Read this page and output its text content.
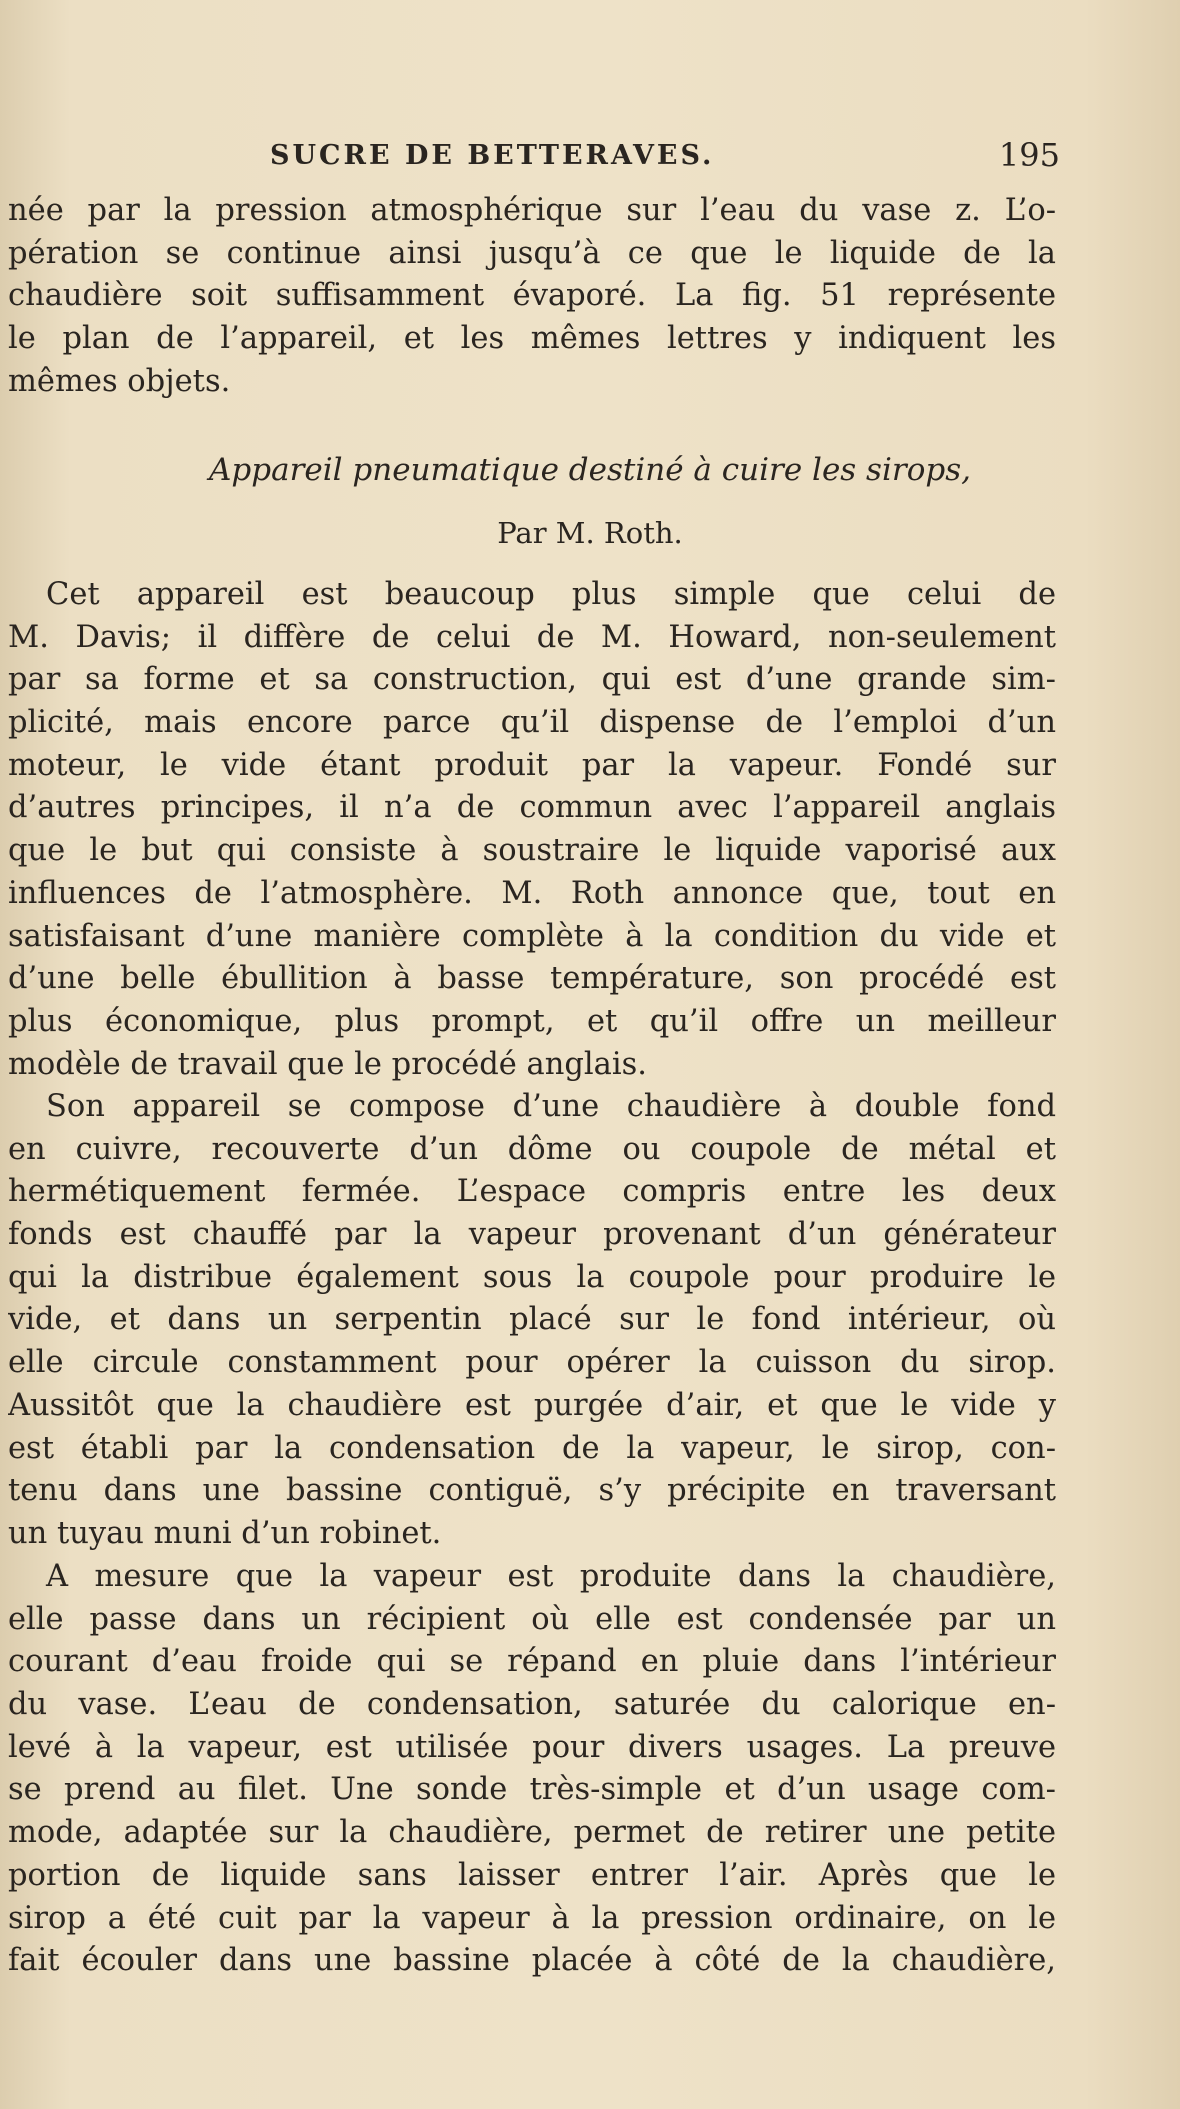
SUCRE DE BETTERAVES.	195
née par la pression atmosphérique sur l’eau du vase z. L’o-
pération se continue ainsi jusqu’à ce que le liquide de la
chaudière soit suffisamment évaporé. La fig. 51 représente
le plan de l’appareil, et les mêmes lettres y indiquent les
mêmes objets.
Appareil pneumatique destiné à cuire les sirops,
Par M. Roth.
Cet appareil est beaucoup plus simple que celui de
M. Davis; il diffère de celui de M. Howard, non-seulement
par sa forme et sa construction, qui est d’une grande sim-
plicité, mais encore parce qu’il dispense de l’emploi d’un
moteur, le vide étant produit par la vapeur. Fondé sur
d’autres principes, il n’a de commun avec l’appareil anglais
que le but qui consiste à soustraire le liquide vaporisé aux
influences de l’atmosphère. M. Roth annonce que, tout en
satisfaisant d’une manière complète à la condition du vide et
d’une belle ébullition à basse température, son procédé est
plus économique, plus prompt, et qu’il offre un meilleur
modèle de travail que le procédé anglais.
Son appareil se compose d’une chaudière à double fond
en cuivre, recouverte d’un dôme ou coupole de métal et
hermétiquement fermée. L’espace compris entre les deux
fonds est chauffé par la vapeur provenant d’un générateur
qui la distribue également sous la coupole pour produire le
vide, et dans un serpentin placé sur le fond intérieur, où
elle circule constamment pour opérer la cuisson du sirop.
Aussitôt que la chaudière est purgée d’air, et que le vide y
est établi par la condensation de la vapeur, le sirop, con-
tenu dans une bassine contiguë, s’y précipite en traversant
un tuyau muni d’un robinet.
A mesure que la vapeur est produite dans la chaudière,
elle passe dans un récipient où elle est condensée par un
courant d’eau froide qui se répand en pluie dans l’intérieur
du vase. L’eau de condensation, saturée du calorique en-
levé à la vapeur, est utilisée pour divers usages. La preuve
se prend au filet. Une sonde très-simple et d’un usage com-
mode, adaptée sur la chaudière, permet de retirer une petite
portion de liquide sans laisser entrer l’air. Après que le
sirop a été cuit par la vapeur à la pression ordinaire, on le
fait écouler dans une bassine placée à côté de la chaudière,
